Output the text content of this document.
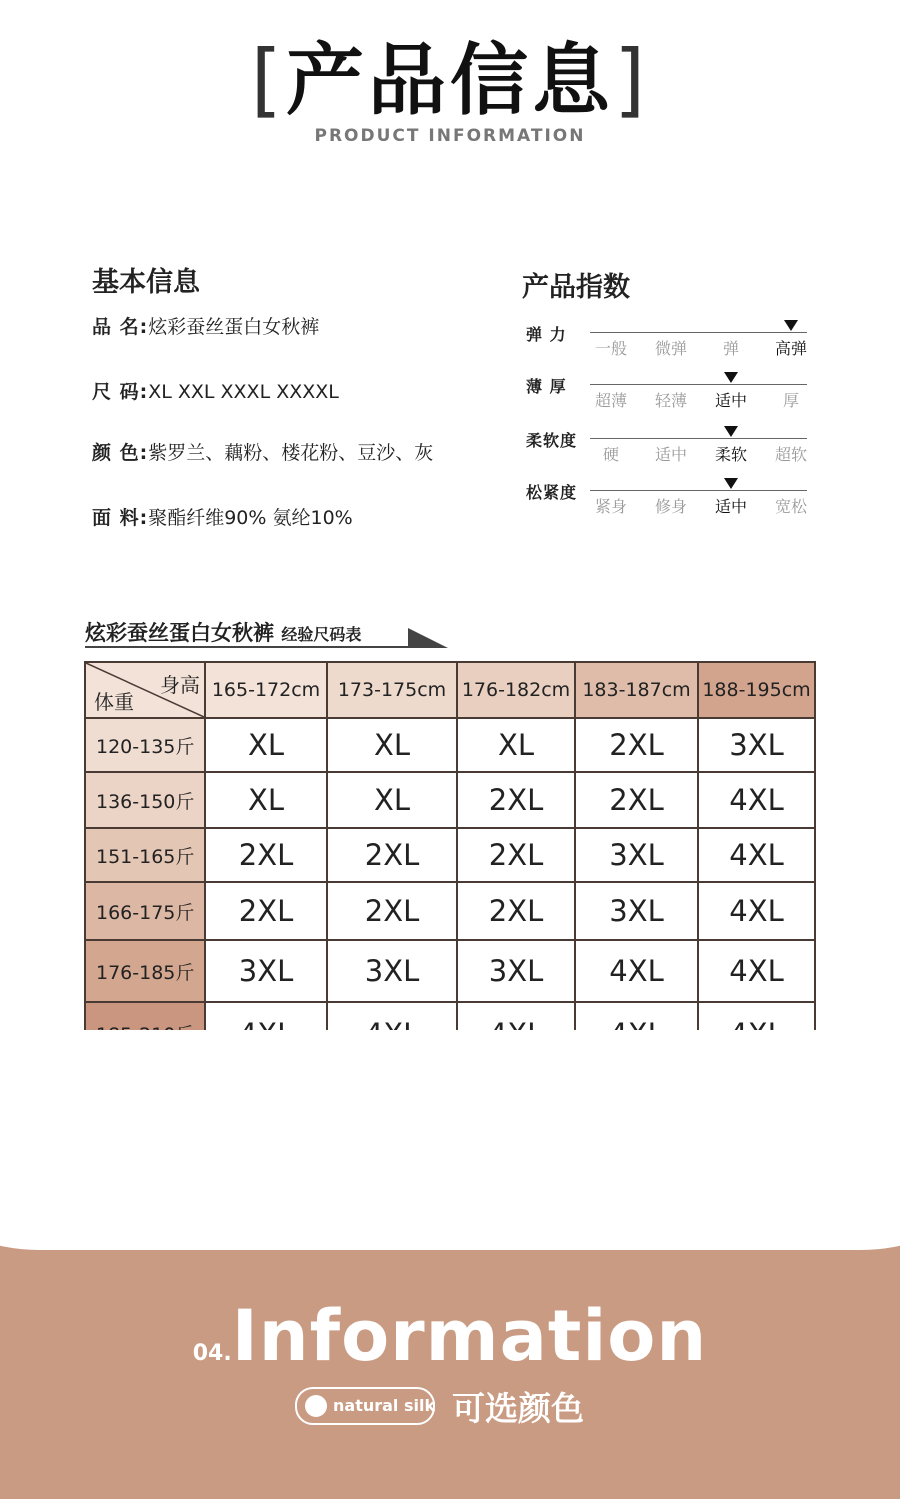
[产品信息]
PRODUCT INFORMATION
基本信息
品 名:炫彩蚕丝蛋白女秋裤
尺 码:XL XXL XXXL XXXXL
颜 色:紫罗兰、藕粉、楼花粉、豆沙、灰
面 料:聚酯纤维90% 氨纶10%
产品指数
弹 力
一般	微弹	弹	高弹
薄 厚
超薄	轻薄	适中	厚
柔软度
硬	适中	柔软	超软
松紧度
紧身	修身	适中	宽松
炫彩蚕丝蛋白女秋裤 经验尺码表
身高
体重	165-172cm	173-175cm	176-182cm	183-187cm	188-195cm
120-135斤	XL	XL	XL	2XL	3XL
136-150斤	XL	XL	2XL	2XL	4XL
151-165斤	2XL	2XL	2XL	3XL	4XL
166-175斤	2XL	2XL	2XL	3XL	4XL
176-185斤	3XL	3XL	3XL	4XL	4XL

04.Information
natural silk 可选颜色
